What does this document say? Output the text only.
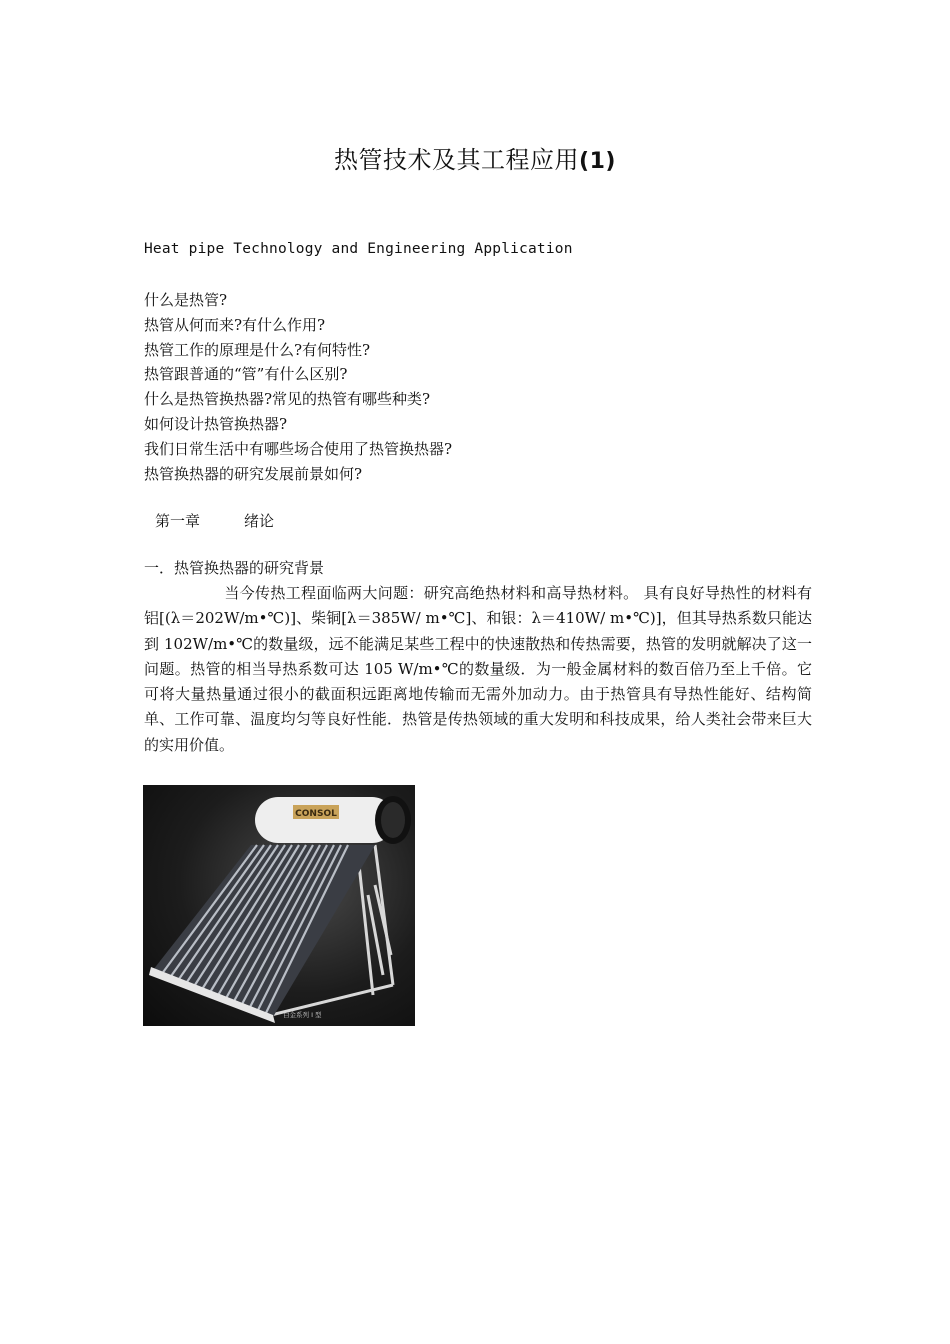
热管技术及其工程应用(1)
Heat pipe Technology and Engineering Application
什么是热管?
热管从何而来?有什么作用?
热管工作的原理是什么?有何特性?
热管跟普通的“管”有什么区别?
什么是热管换热器?常见的热管有哪些种类?
如何设计热管换热器?
我们日常生活中有哪些场合使用了热管换热器?
热管换热器的研究发展前景如何?
第一章	绪论
一．热管换热器的研究背景
当今传热工程面临两大问题：研究高绝热材料和高导热材料。 具有良好导热性的材料有铝[(λ＝202W/m•℃)]、柴铜[λ＝385W/ m•℃]、和银：λ＝410W/ m•℃)]，但其导热系数只能达到 102W/m•℃的数量级，远不能满足某些工程中的快速散热和传热需要，热管的发明就解决了这一问题。热管的相当导热系数可达 105 W/m•℃的数量级．为一般金属材料的数百倍乃至上千倍。它可将大量热量通过很小的截面积远距离地传输而无需外加动力。由于热管具有导热性能好、结构简单、工作可靠、温度均匀等良好性能．热管是传热领域的重大发明和科技成果，给人类社会带来巨大的实用价值。
CONSOL
白金系列 I 型
